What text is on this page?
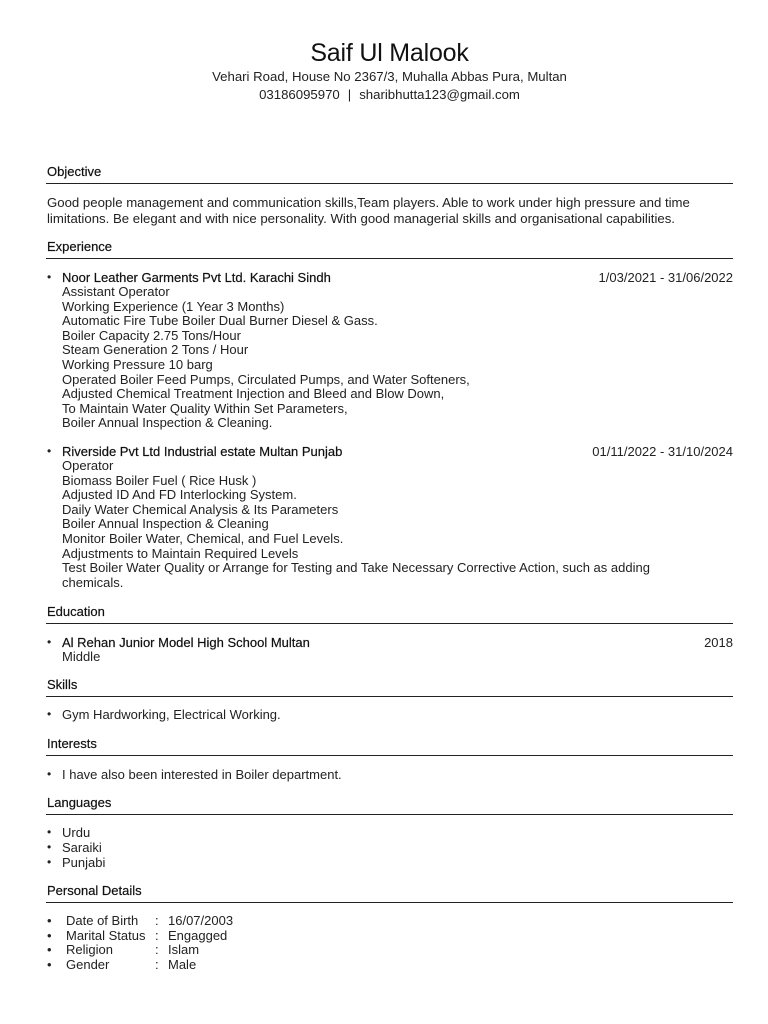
Saif Ul Malook
Vehari Road, House No 2367/3, Muhalla Abbas Pura, Multan
03186095970 | sharibhutta123@gmail.com
Objective
Good people management and communication skills,Team players. Able to work under high pressure and time limitations. Be elegant and with nice personality. With good managerial skills and organisational capabilities.
Experience
• Noor Leather Garments Pvt Ltd. Karachi Sindh	1/03/2021 - 31/06/2022
Assistant Operator
Working Experience (1 Year 3 Months)
Automatic Fire Tube Boiler Dual Burner Diesel & Gass.
Boiler Capacity 2.75 Tons/Hour
Steam Generation 2 Tons / Hour
Working Pressure 10 barg
Operated Boiler Feed Pumps, Circulated Pumps, and Water Softeners,
Adjusted Chemical Treatment Injection and Bleed and Blow Down,
To Maintain Water Quality Within Set Parameters,
Boiler Annual Inspection & Cleaning.
• Riverside Pvt Ltd Industrial estate Multan Punjab	01/11/2022 - 31/10/2024
Operator
Biomass Boiler Fuel ( Rice Husk )
Adjusted ID And FD Interlocking System.
Daily Water Chemical Analysis & Its Parameters
Boiler Annual Inspection & Cleaning
Monitor Boiler Water, Chemical, and Fuel Levels.
Adjustments to Maintain Required Levels
Test Boiler Water Quality or Arrange for Testing and Take Necessary Corrective Action, such as adding
chemicals.
Education
• Al Rehan Junior Model High School Multan	2018
Middle
Skills
• Gym Hardworking, Electrical Working.
Interests
• I have also been interested in Boiler department.
Languages
• Urdu
• Saraiki
• Punjabi
Personal Details
•	Date of Birth	:	16/07/2003
•	Marital Status	:	Engagged
•	Religion	:	Islam
•	Gender	:	Male
